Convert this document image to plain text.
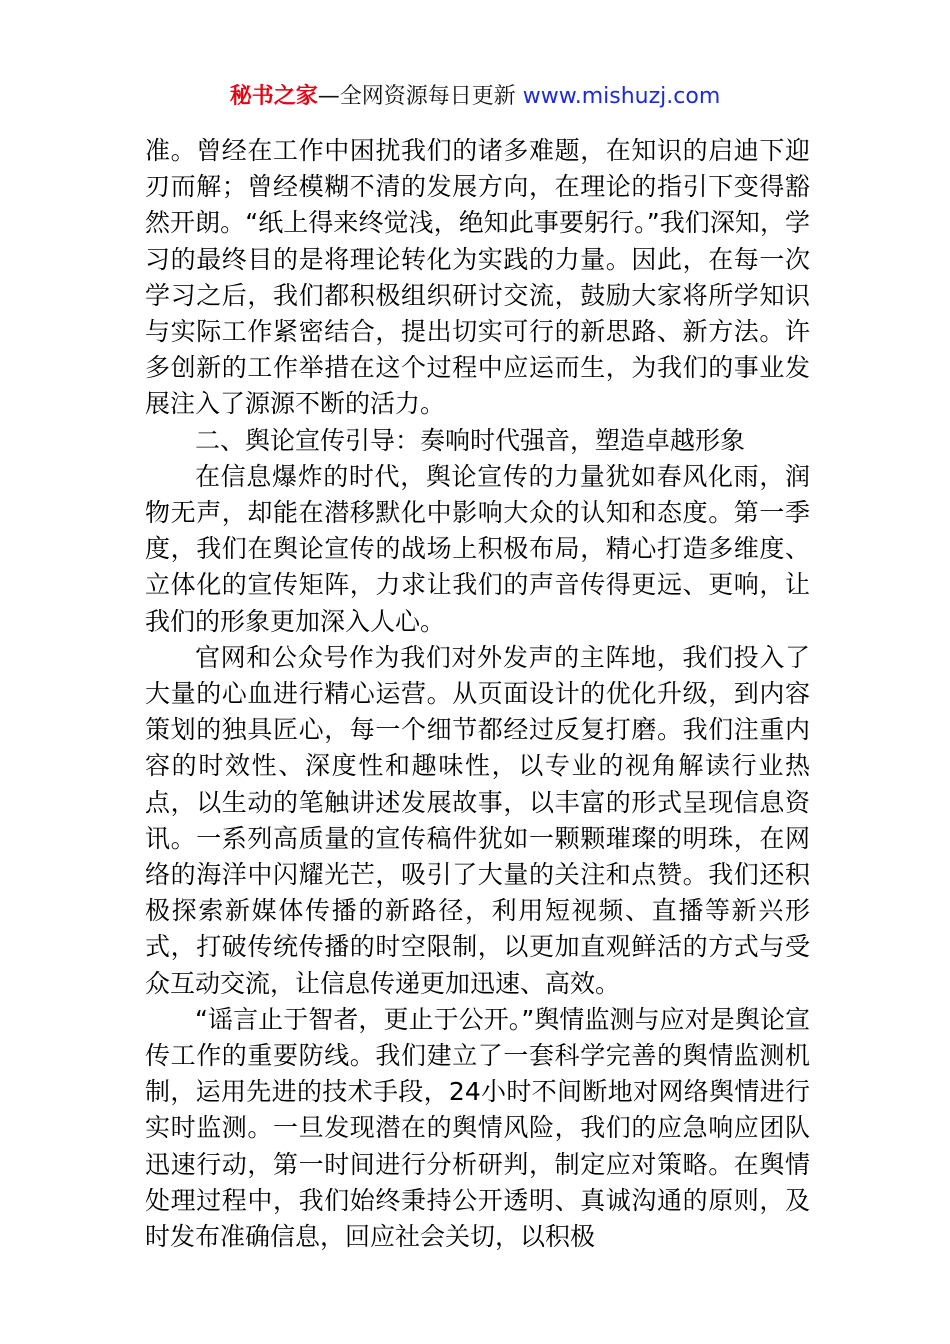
秘书之家—全网资源每日更新 www.mishuzj.com

准。曾经在工作中困扰我们的诸多难题，在知识的启迪下迎刃而解；曾经模糊不清的发展方向，在理论的指引下变得豁然开朗。“纸上得来终觉浅，绝知此事要躬行。”我们深知，学习的最终目的是将理论转化为实践的力量。因此，在每一次学习之后，我们都积极组织研讨交流，鼓励大家将所学知识与实际工作紧密结合，提出切实可行的新思路、新方法。许多创新的工作举措在这个过程中应运而生，为我们的事业发展注入了源源不断的活力。

二、舆论宣传引导：奏响时代强音，塑造卓越形象

在信息爆炸的时代，舆论宣传的力量犹如春风化雨，润物无声，却能在潜移默化中影响大众的认知和态度。第一季度，我们在舆论宣传的战场上积极布局，精心打造多维度、立体化的宣传矩阵，力求让我们的声音传得更远、更响，让我们的形象更加深入人心。

官网和公众号作为我们对外发声的主阵地，我们投入了大量的心血进行精心运营。从页面设计的优化升级，到内容策划的独具匠心，每一个细节都经过反复打磨。我们注重内容的时效性、深度性和趣味性，以专业的视角解读行业热点，以生动的笔触讲述发展故事，以丰富的形式呈现信息资讯。一系列高质量的宣传稿件犹如一颗颗璀璨的明珠，在网络的海洋中闪耀光芒，吸引了大量的关注和点赞。我们还积极探索新媒体传播的新路径，利用短视频、直播等新兴形式，打破传统传播的时空限制，以更加直观鲜活的方式与受众互动交流，让信息传递更加迅速、高效。

“谣言止于智者，更止于公开。”舆情监测与应对是舆论宣传工作的重要防线。我们建立了一套科学完善的舆情监测机制，运用先进的技术手段，24小时不间断地对网络舆情进行实时监测。一旦发现潜在的舆情风险，我们的应急响应团队迅速行动，第一时间进行分析研判，制定应对策略。在舆情处理过程中，我们始终秉持公开透明、真诚沟通的原则，及时发布准确信息，回应社会关切，以积极
